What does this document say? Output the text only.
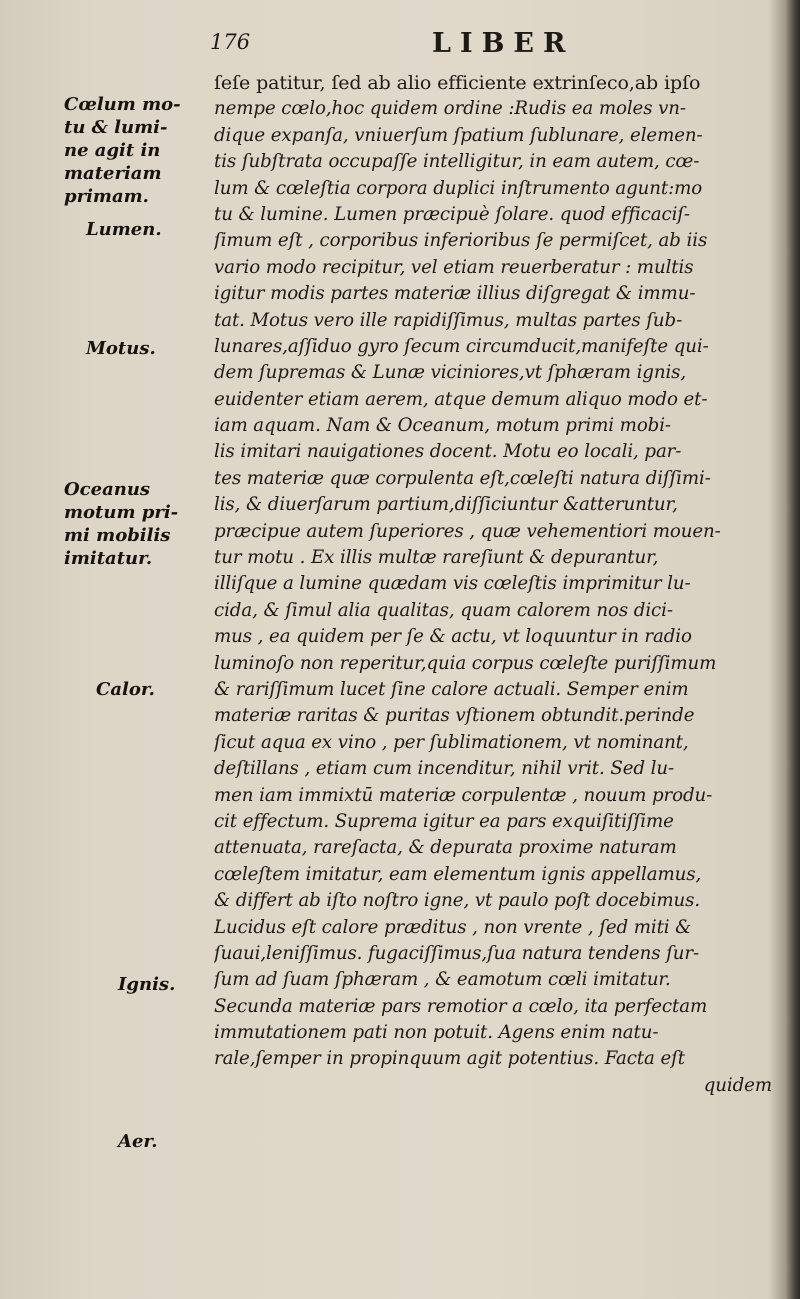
176	LIBER
Cœlum mo-
tu & lumi-
ne agit in
materiam
primam.
Lumen.
Motus.
Oceanus
motum pri-
mi mobilis
imitatur.
Calor.
Ignis.
Aer.
ſeſe patitur, ſed ab alio efficiente extrinſeco,ab ipſo
nempe cœlo,hoc quidem ordine :Rudis ea moles vn-
dique expanſa, vniuerſum ſpatium ſublunare, elemen-
tis ſubſtrata occupaſſe intelligitur, in eam autem, cœ-
lum & cœleſtia corpora duplici inſtrumento agunt:mo
tu & lumine. Lumen præcipuè ſolare. quod efficaciſ-
ſimum eſt , corporibus inferioribus ſe permiſcet, ab iis
vario modo recipitur, vel etiam reuerberatur : multis
igitur modis partes materiæ illius diſgregat & immu-
tat. Motus vero ille rapidiſſimus, multas partes ſub-
lunares,aſſiduo gyro ſecum circumducit,manifeſte qui-
dem ſupremas & Lunæ viciniores,vt ſphæram ignis,
euidenter etiam aerem, atque demum aliquo modo et-
iam aquam. Nam & Oceanum, motum primi mobi-
lis imitari nauigationes docent. Motu eo locali, par-
tes materiæ quæ corpulenta eſt,cœleſti natura diſſimi-
lis, & diuerſarum partium,diſſiciuntur &atteruntur,
præcipue autem ſuperiores , quæ vehementiori mouen-
tur motu . Ex illis multæ rareſiunt & depurantur,
illiſque a lumine quædam vis cœleſtis imprimitur lu-
cida, & ſimul alia qualitas, quam calorem nos dici-
mus , ea quidem per ſe & actu, vt loquuntur in radio
luminoſo non reperitur,quia corpus cœleſte puriſſimum
& rariſſimum lucet ſine calore actuali. Semper enim
materiæ raritas & puritas vſtionem obtundit.perinde
ſicut aqua ex vino , per ſublimationem, vt nominant,
deſtillans , etiam cum incenditur, nihil vrit. Sed lu-
men iam immixtū materiæ corpulentæ , nouum produ-
cit effectum. Suprema igitur ea pars exquiſitiſſime
attenuata, rareſacta, & depurata proxime naturam
cœleſtem imitatur, eam elementum ignis appellamus,
& differt ab iſto noſtro igne, vt paulo poſt docebimus.
Lucidus eſt calore præditus , non vrente , ſed miti &
ſuaui,leniſſimus. fugaciſſimus,ſua natura tendens ſur-
ſum ad ſuam ſphæram , & eamotum cœli imitatur.
Secunda materiæ pars remotior a cœlo, ita perfectam
immutationem pati non potuit. Agens enim natu-
rale,ſemper in propinquum agit potentius. Facta eſt
quidem
